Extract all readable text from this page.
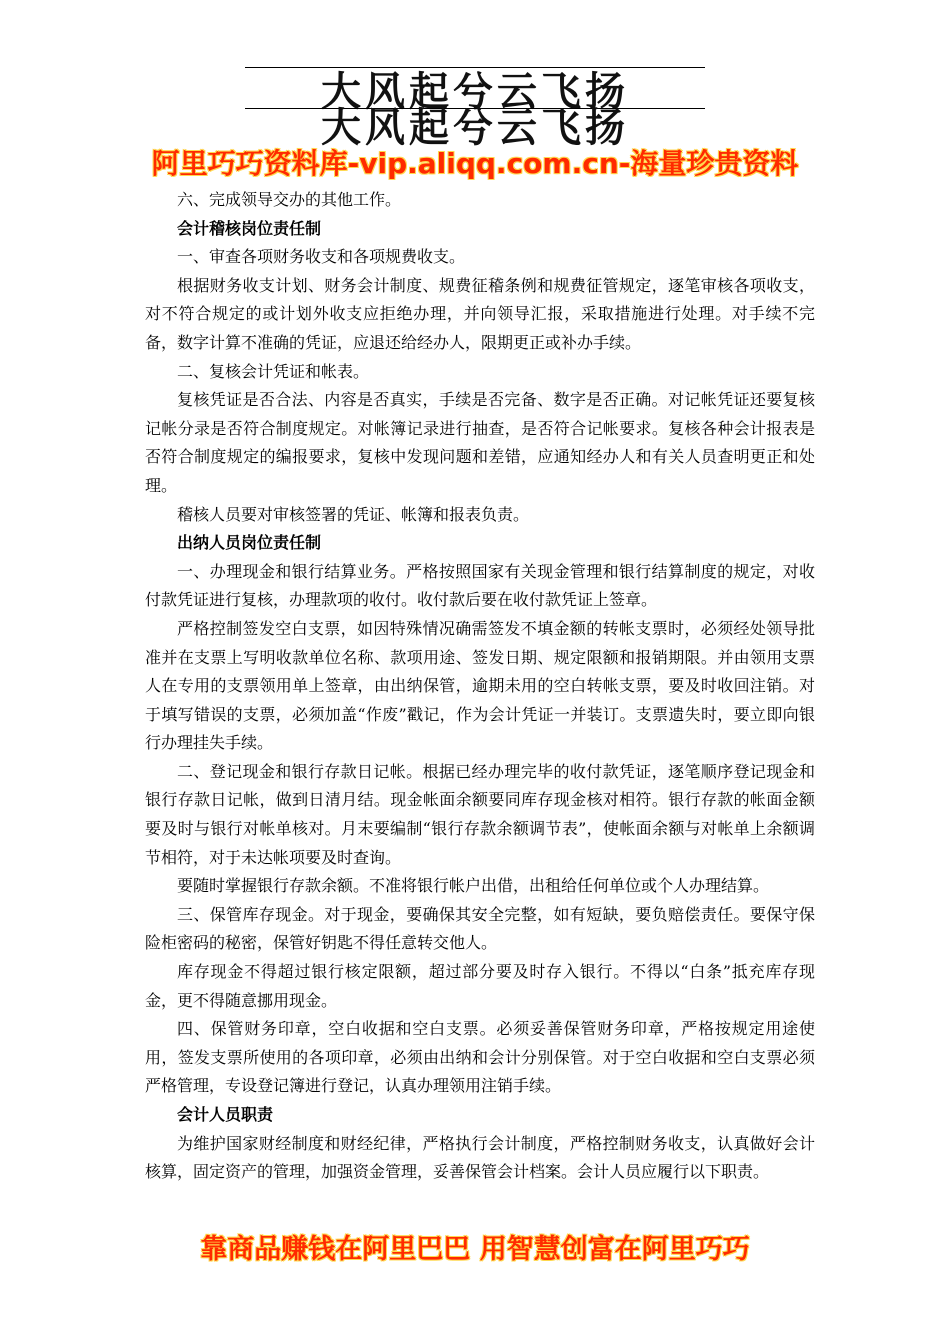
大风起兮云飞扬
大风起兮云飞扬
阿里巧巧资料库-vip.aliqq.com.cn-海量珍贵资料

六、完成领导交办的其他工作。

会计稽核岗位责任制

一、审查各项财务收支和各项规费收支。

根据财务收支计划、财务会计制度、规费征稽条例和规费征管规定，逐笔审核各项收支， 对不符合规定的或计划外收支应拒绝办理，并向领导汇报，采取措施进行处理。对手续不完备，数字计算不准确的凭证，应退还给经办人，限期更正或补办手续。

二、复核会计凭证和帐表。

复核凭证是否合法、内容是否真实，手续是否完备、数字是否正确。对记帐凭证还要复核记帐分录是否符合制度规定。对帐簿记录进行抽查，是否符合记帐要求。复核各种会计报表是否符合制度规定的编报要求，复核中发现问题和差错，应通知经办人和有关人员查明更正和处理。

稽核人员要对审核签署的凭证、帐簿和报表负责。

出纳人员岗位责任制

一、办理现金和银行结算业务。严格按照国家有关现金管理和银行结算制度的规定，对收付款凭证进行复核，办理款项的收付。收付款后要在收付款凭证上签章。

严格控制签发空白支票，如因特殊情况确需签发不填金额的转帐支票时，必须经处领导批准并在支票上写明收款单位名称、款项用途、签发日期、规定限额和报销期限。并由领用支票人在专用的支票领用单上签章，由出纳保管，逾期未用的空白转帐支票，要及时收回注销。对于填写错误的支票，必须加盖“作废”戳记，作为会计凭证一并装订。支票遗失时，要立即向银行办理挂失手续。

二、登记现金和银行存款日记帐。根据已经办理完毕的收付款凭证，逐笔顺序登记现金和银行存款日记帐，做到日清月结。现金帐面余额要同库存现金核对相符。银行存款的帐面金额要及时与银行对帐单核对。月末要编制“银行存款余额调节表”，使帐面余额与对帐单上余额调节相符，对于未达帐项要及时查询。

要随时掌握银行存款余额。不准将银行帐户出借，出租给任何单位或个人办理结算。

三、保管库存现金。对于现金，要确保其安全完整，如有短缺，要负赔偿责任。要保守保险柜密码的秘密，保管好钥匙不得任意转交他人。

库存现金不得超过银行核定限额，超过部分要及时存入银行。不得以“白条”抵充库存现金，更不得随意挪用现金。

四、保管财务印章，空白收据和空白支票。必须妥善保管财务印章，严格按规定用途使用，签发支票所使用的各项印章，必须由出纳和会计分别保管。对于空白收据和空白支票必须严格管理，专设登记簿进行登记，认真办理领用注销手续。

会计人员职责

为维护国家财经制度和财经纪律，严格执行会计制度，严格控制财务收支，认真做好会计核算，固定资产的管理，加强资金管理，妥善保管会计档案。会计人员应履行以下职责。

靠商品赚钱在阿里巴巴 用智慧创富在阿里巧巧
